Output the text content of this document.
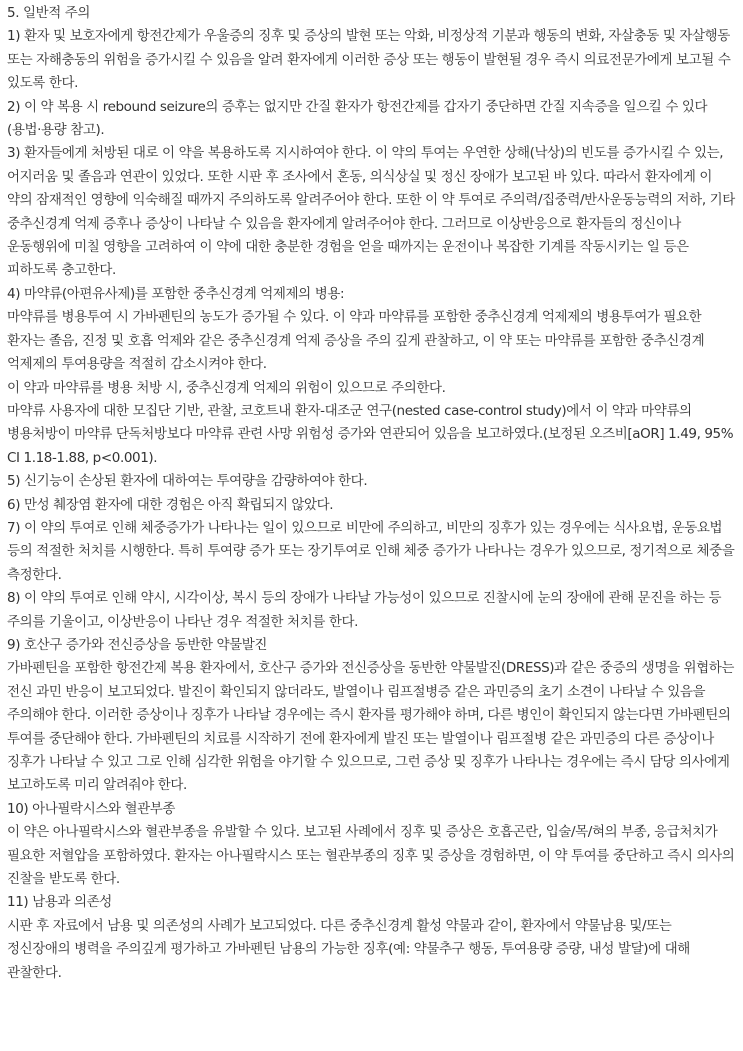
5. 일반적 주의

1) 환자 및 보호자에게 항전간제가 우울증의 징후 및 증상의 발현 또는 악화, 비정상적 기분과 행동의 변화, 자살충동 및 자살행동 또는 자해충동의 위험을 증가시킬 수 있음을 알려 환자에게 이러한 증상 또는 행동이 발현될 경우 즉시 의료전문가에게 보고될 수 있도록 한다.

2) 이 약 복용 시 rebound seizure의 증후는 없지만 간질 환자가 항전간제를 갑자기 중단하면 간질 지속증을 일으킬 수 있다(용법·용량 참고).

3) 환자들에게 처방된 대로 이 약을 복용하도록 지시하여야 한다. 이 약의 투여는 우연한 상해(낙상)의 빈도를 증가시킬 수 있는, 어지러움 및 졸음과 연관이 있었다. 또한 시판 후 조사에서 혼동, 의식상실 및 정신 장애가 보고된 바 있다. 따라서 환자에게 이 약의 잠재적인 영향에 익숙해질 때까지 주의하도록 알려주어야 한다. 또한 이 약 투여로 주의력/집중력/반사운동능력의 저하, 기타 중추신경계 억제 증후나 증상이 나타날 수 있음을 환자에게 알려주어야 한다. 그러므로 이상반응으로 환자들의 정신이나 운동행위에 미칠 영향을 고려하여 이 약에 대한 충분한 경험을 얻을 때까지는 운전이나 복잡한 기계를 작동시키는 일 등은 피하도록 충고한다.

4) 마약류(아편유사제)를 포함한 중추신경계 억제제의 병용:

마약류를 병용투여 시 가바펜틴의 농도가 증가될 수 있다. 이 약과 마약류를 포함한 중추신경계 억제제의 병용투여가 필요한 환자는 졸음, 진정 및 호흡 억제와 같은 중추신경계 억제 증상을 주의 깊게 관찰하고, 이 약 또는 마약류를 포함한 중추신경계 억제제의 투여용량을 적절히 감소시켜야 한다.

이 약과 마약류를 병용 처방 시, 중추신경계 억제의 위험이 있으므로 주의한다.

마약류 사용자에 대한 모집단 기반, 관찰, 코호트내 환자-대조군 연구(nested case-control study)에서 이 약과 마약류의 병용처방이 마약류 단독처방보다 마약류 관련 사망 위험성 증가와 연관되어 있음을 보고하였다.(보정된 오즈비[aOR] 1.49, 95% CI 1.18-1.88, p<0.001).

5) 신기능이 손상된 환자에 대하여는 투여량을 감량하여야 한다.

6) 만성 췌장염 환자에 대한 경험은 아직 확립되지 않았다.

7) 이 약의 투여로 인해 체중증가가 나타나는 일이 있으므로 비만에 주의하고, 비만의 징후가 있는 경우에는 식사요법, 운동요법 등의 적절한 처치를 시행한다. 특히 투여량 증가 또는 장기투여로 인해 체중 증가가 나타나는 경우가 있으므로, 정기적으로 체중을 측정한다.

8) 이 약의 투여로 인해 약시, 시각이상, 복시 등의 장애가 나타날 가능성이 있으므로 진찰시에 눈의 장애에 관해 문진을 하는 등 주의를 기울이고, 이상반응이 나타난 경우 적절한 처치를 한다.

9) 호산구 증가와 전신증상을 동반한 약물발진

가바펜틴을 포함한 항전간제 복용 환자에서, 호산구 증가와 전신증상을 동반한 약물발진(DRESS)과 같은 중증의 생명을 위협하는 전신 과민 반응이 보고되었다. 발진이 확인되지 않더라도, 발열이나 림프절병증 같은 과민증의 초기 소견이 나타날 수 있음을 주의해야 한다. 이러한 증상이나 징후가 나타날 경우에는 즉시 환자를 평가해야 하며, 다른 병인이 확인되지 않는다면 가바펜틴의 투여를 중단해야 한다. 가바펜틴의 치료를 시작하기 전에 환자에게 발진 또는 발열이나 림프절병 같은 과민증의 다른 증상이나 징후가 나타날 수 있고 그로 인해 심각한 위험을 야기할 수 있으므로, 그런 증상 및 징후가 나타나는 경우에는 즉시 담당 의사에게 보고하도록 미리 알려줘야 한다.

10) 아나필락시스와 혈관부종

이 약은 아나필락시스와 혈관부종을 유발할 수 있다. 보고된 사례에서 징후 및 증상은 호흡곤란, 입술/목/혀의 부종, 응급처치가 필요한 저혈압을 포함하였다. 환자는 아나필락시스 또는 혈관부종의 징후 및 증상을 경험하면, 이 약 투여를 중단하고 즉시 의사의 진찰을 받도록 한다.

11) 남용과 의존성

시판 후 자료에서 남용 및 의존성의 사례가 보고되었다. 다른 중추신경계 활성 약물과 같이, 환자에서 약물남용 및/또는 정신장애의 병력을 주의깊게 평가하고 가바펜틴 남용의 가능한 징후(예: 약물추구 행동, 투여용량 증량, 내성 발달)에 대해 관찰한다.
